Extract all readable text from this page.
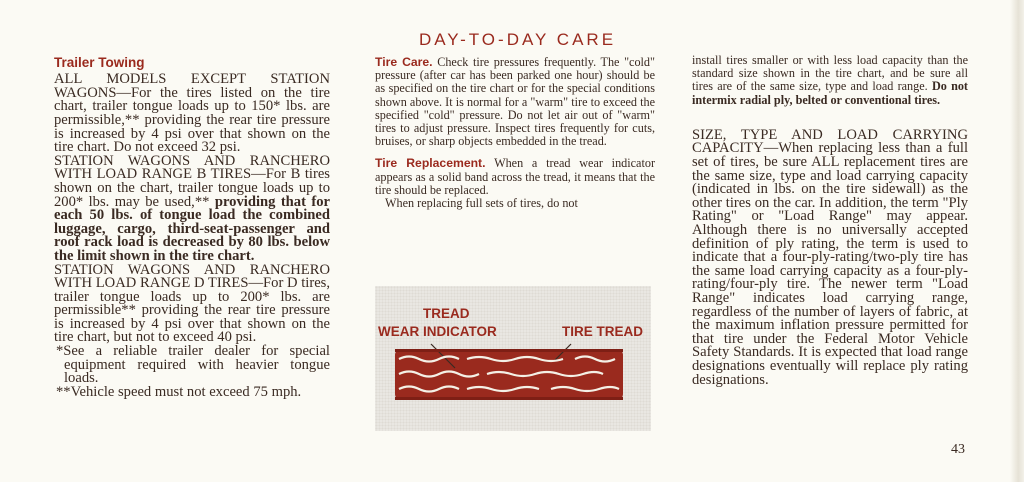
DAY-TO-DAY CARE
Trailer Towing

ALL MODELS EXCEPT STATION WAGONS—For the tires listed on the tire chart, trailer tongue loads up to 150* lbs. are permissible,** providing the rear tire pressure is increased by 4 psi over that shown on the tire chart. Do not exceed 32 psi.

STATION WAGONS AND RANCHERO WITH LOAD RANGE B TIRES—For B tires shown on the chart, trailer tongue loads up to 200* lbs. may be used,** providing that for each 50 lbs. of tongue load the combined luggage, cargo, third-seat-passenger and roof rack load is decreased by 80 lbs. below the limit shown in the tire chart.

STATION WAGONS AND RANCHERO WITH LOAD RANGE D TIRES—For D tires, trailer tongue loads up to 200* lbs. are permissible** providing the rear tire pressure is increased by 4 psi over that shown on the tire chart, but not to exceed 40 psi.

*See a reliable trailer dealer for special equipment required with heavier tongue loads.

**Vehicle speed must not exceed 75 mph.

Tire Care. Check tire pressures frequently. The "cold" pressure (after car has been parked one hour) should be as specified on the tire chart or for the special conditions shown above. It is normal for a "warm" tire to exceed the specified "cold" pressure. Do not let air out of "warm" tires to adjust pressure. Inspect tires frequently for cuts, bruises, or sharp objects embedded in the tread.

Tire Replacement. When a tread wear indicator appears as a solid band across the tread, it means that the tire should be replaced.

When replacing full sets of tires, do not

TREAD
WEAR INDICATOR	TIRE TREAD

install tires smaller or with less load capacity than the standard size shown in the tire chart, and be sure all tires are of the same size, type and load range. Do not intermix radial ply, belted or conventional tires.

SIZE, TYPE AND LOAD CARRYING CAPACITY—When replacing less than a full set of tires, be sure ALL replacement tires are the same size, type and load carrying capacity (indicated in lbs. on the tire sidewall) as the other tires on the car. In addition, the term "Ply Rating" or "Load Range" may appear. Although there is no universally accepted definition of ply rating, the term is used to indicate that a four-ply-rating/two-ply tire has the same load carrying capacity as a four-ply-rating/four-ply tire. The newer term "Load Range" indicates load carrying range, regardless of the number of layers of fabric, at the maximum inflation pressure permitted for that tire under the Federal Motor Vehicle Safety Standards. It is expected that load range designations eventually will replace ply rating designations.

43
